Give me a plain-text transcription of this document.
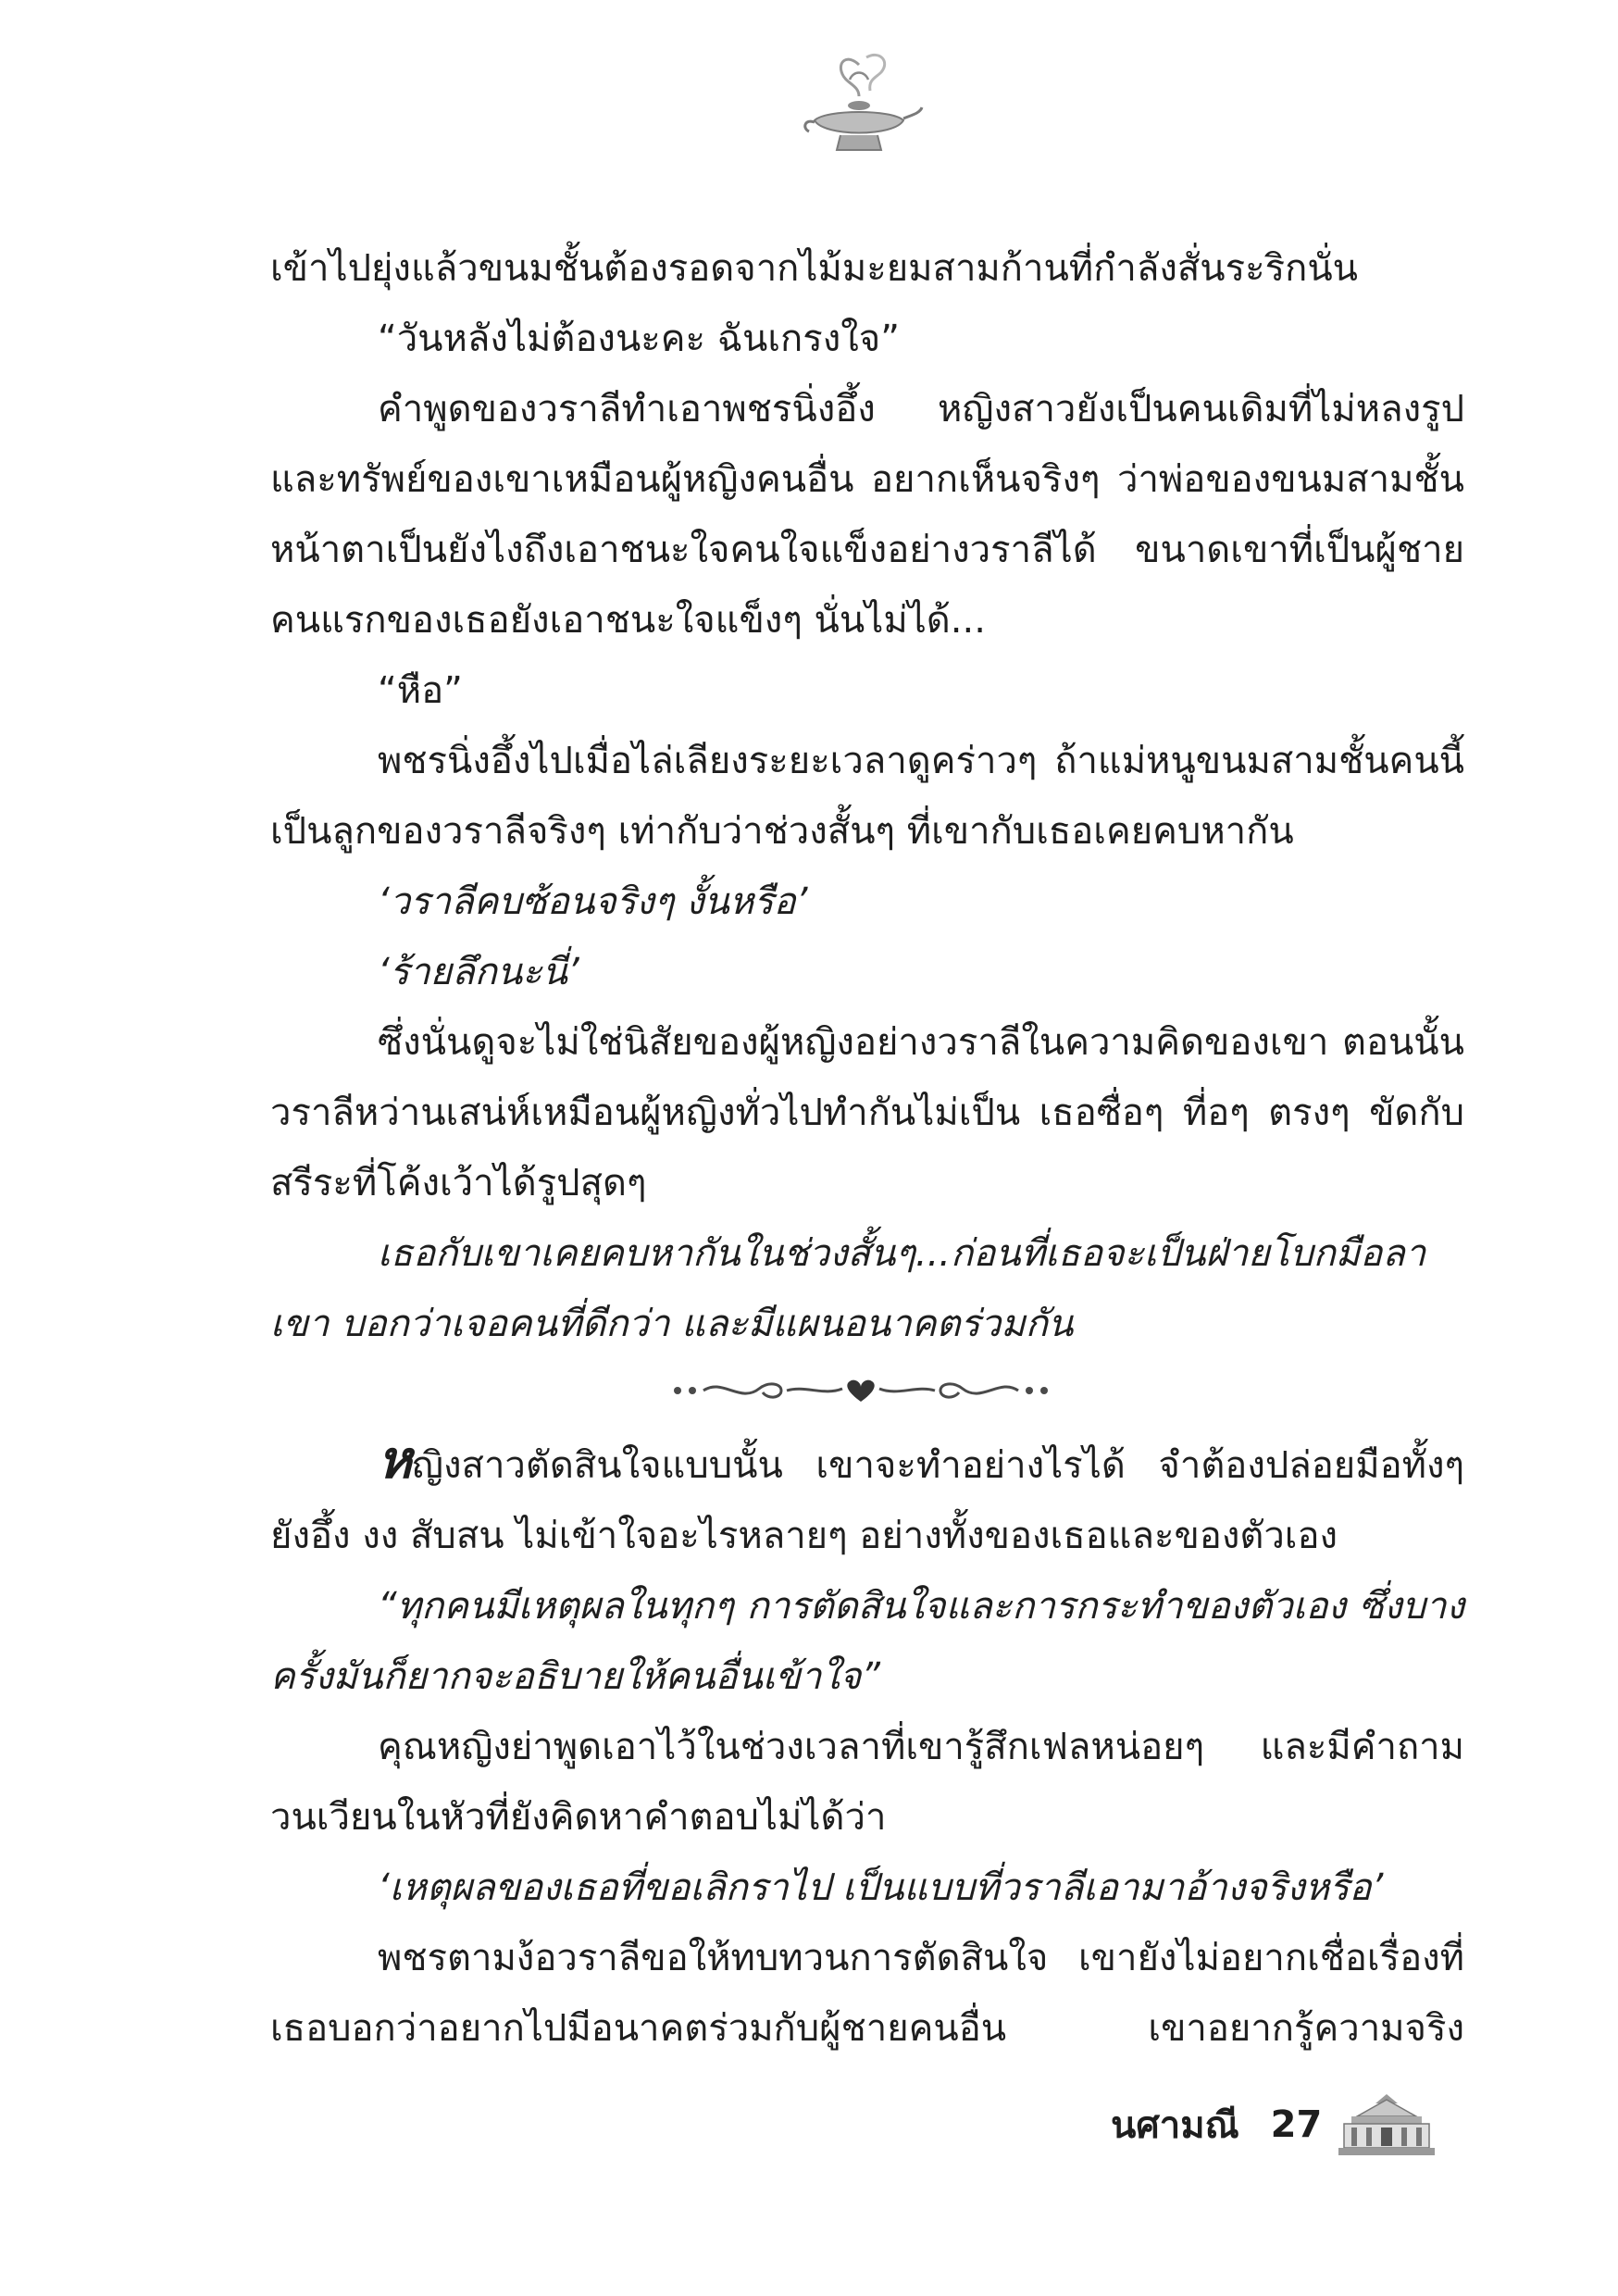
เข้าไปยุ่งแล้วขนมชั้นต้องรอดจากไม้มะยมสามก้านที่กำลังสั่นระริกนั่น

“วันหลังไม่ต้องนะคะ ฉันเกรงใจ”

คำพูดของวราลีทำเอาพชรนิ่งอึ้ง หญิงสาวยังเป็นคนเดิมที่ไม่หลงรูปและทรัพย์ของเขาเหมือนผู้หญิงคนอื่น อยากเห็นจริงๆ ว่าพ่อของขนมสามชั้นหน้าตาเป็นยังไงถึงเอาชนะใจคนใจแข็งอย่างวราลีได้ ขนาดเขาที่เป็นผู้ชายคนแรกของเธอยังเอาชนะใจแข็งๆ นั่นไม่ได้...

“หือ”

พชรนิ่งอึ้งไปเมื่อไล่เลียงระยะเวลาดูคร่าวๆ ถ้าแม่หนูขนมสามชั้นคนนี้เป็นลูกของวราลีจริงๆ เท่ากับว่าช่วงสั้นๆ ที่เขากับเธอเคยคบหากัน

‘วราลีคบซ้อนจริงๆ งั้นหรือ’

‘ร้ายลึกนะนี่’

ซึ่งนั่นดูจะไม่ใช่นิสัยของผู้หญิงอย่างวราลีในความคิดของเขา ตอนนั้นวราลีหว่านเสน่ห์เหมือนผู้หญิงทั่วไปทำกันไม่เป็น เธอซื่อๆ ที่อๆ ตรงๆ ขัดกับสรีระที่โค้งเว้าได้รูปสุดๆ

เธอกับเขาเคยคบหากันในช่วงสั้นๆ...ก่อนที่เธอจะเป็นฝ่ายโบกมือลาเขา บอกว่าเจอคนที่ดีกว่า และมีแผนอนาคตร่วมกัน

หญิงสาวตัดสินใจแบบนั้น เขาจะทำอย่างไรได้ จำต้องปล่อยมือทั้งๆ ยังอึ้ง งง สับสน ไม่เข้าใจอะไรหลายๆ อย่างทั้งของเธอและของตัวเอง

“ทุกคนมีเหตุผลในทุกๆ การตัดสินใจและการกระทำของตัวเอง ซึ่งบางครั้งมันก็ยากจะอธิบายให้คนอื่นเข้าใจ”

คุณหญิงย่าพูดเอาไว้ในช่วงเวลาที่เขารู้สึกเฟลหน่อยๆ และมีคำถามวนเวียนในหัวที่ยังคิดหาคำตอบไม่ได้ว่า

‘เหตุผลของเธอที่ขอเลิกราไป เป็นแบบที่วราลีเอามาอ้างจริงหรือ’

พชรตามง้อวราลีขอให้ทบทวนการตัดสินใจ เขายังไม่อยากเชื่อเรื่องที่เธอบอกว่าอยากไปมีอนาคตร่วมกับผู้ชายคนอื่น เขาอยากรู้ความจริง

นศามณี 27
